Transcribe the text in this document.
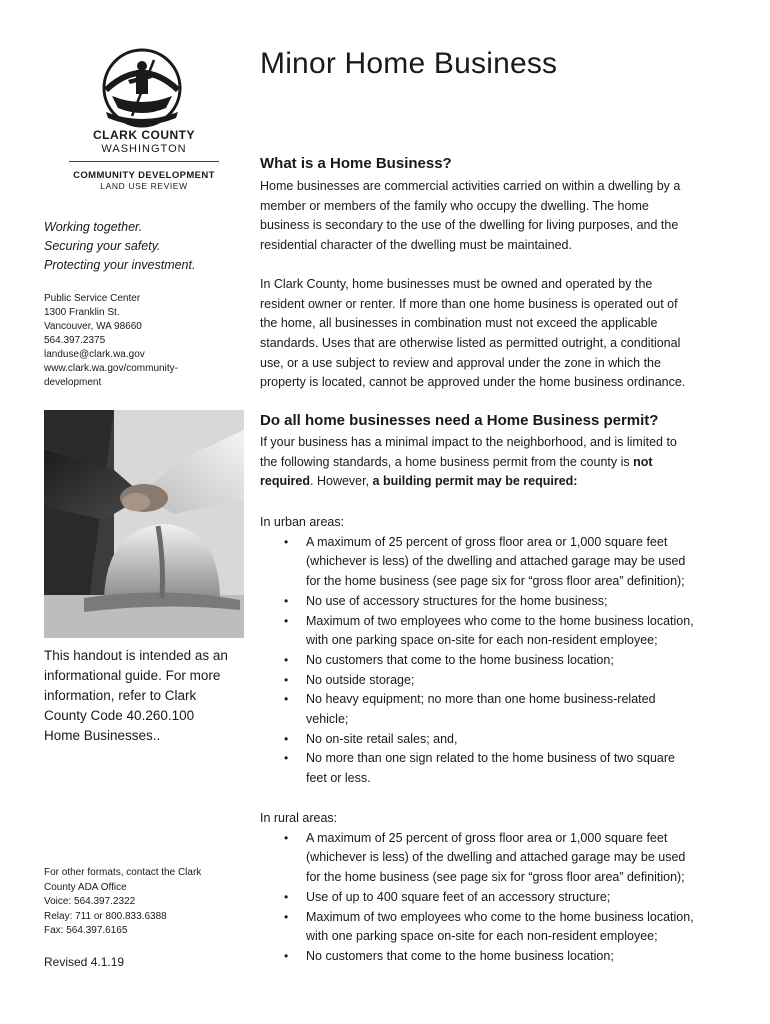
CLARK COUNTY
WASHINGTON
COMMUNITY DEVELOPMENT
LAND USE REVIEW
Working together.
Securing your safety.
Protecting your investment.
Public Service Center
1300 Franklin St.
Vancouver, WA 98660
564.397.2375
landuse@clark.wa.gov
www.clark.wa.gov/community-
development
This handout is intended as an
informational guide. For more
information, refer to Clark
County Code 40.260.100
Home Businesses..
For other formats, contact the Clark
County ADA Office
Voice: 564.397.2322
Relay: 711 or 800.833.6388
Fax: 564.397.6165
Revised 4.1.19
Minor Home Business
What is a Home Business?
Home businesses are commercial activities carried on within a dwelling by a
member or members of the family who occupy the dwelling. The home
business is secondary to the use of the dwelling for living purposes, and the
residential character of the dwelling must be maintained.
In Clark County, home businesses must be owned and operated by the
resident owner or renter. If more than one home business is operated out of
the home, all businesses in combination must not exceed the applicable
standards. Uses that are otherwise listed as permitted outright, a conditional
use, or a use subject to review and approval under the zone in which the
property is located, cannot be approved under the home business ordinance.
Do all home businesses need a Home Business permit?
If your business has a minimal impact to the neighborhood, and is limited to
the following standards, a home business permit from the county is not
required. However, a building permit may be required:
In urban areas:
• A maximum of 25 percent of gross floor area or 1,000 square feet
(whichever is less) of the dwelling and attached garage may be used
for the home business (see page six for “gross floor area” definition);
• No use of accessory structures for the home business;
• Maximum of two employees who come to the home business location,
with one parking space on-site for each non-resident employee;
• No customers that come to the home business location;
• No outside storage;
• No heavy equipment; no more than one home business-related
vehicle;
• No on-site retail sales; and,
• No more than one sign related to the home business of two square
feet or less.
In rural areas:
• A maximum of 25 percent of gross floor area or 1,000 square feet
(whichever is less) of the dwelling and attached garage may be used
for the home business (see page six for “gross floor area” definition);
• Use of up to 400 square feet of an accessory structure;
• Maximum of two employees who come to the home business location,
with one parking space on-site for each non-resident employee;
• No customers that come to the home business location;
